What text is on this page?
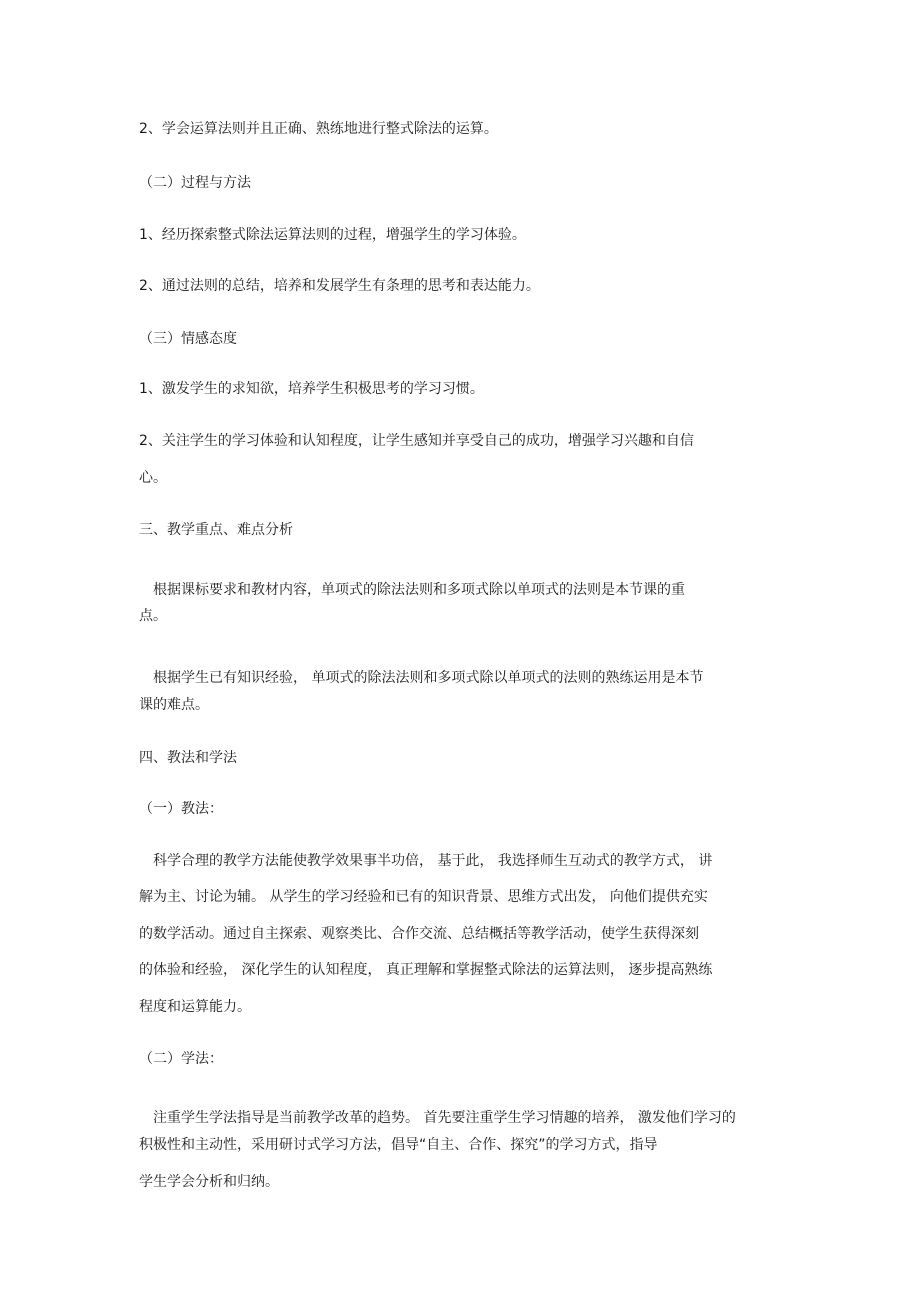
2、学会运算法则并且正确、熟练地进行整式除法的运算。

（二）过程与方法

1、经历探索整式除法运算法则的过程，增强学生的学习体验。

2、通过法则的总结，培养和发展学生有条理的思考和表达能力。

（三）情感态度

1、激发学生的求知欲，培养学生积极思考的学习习惯。

2、关注学生的学习体验和认知程度，让学生感知并享受自己的成功，增强学习兴趣和自信

心。

三、教学重点、难点分析

根据课标要求和教材内容，单项式的除法法则和多项式除以单项式的法则是本节课的重

点。

根据学生已有知识经验， 单项式的除法法则和多项式除以单项式的法则的熟练运用是本节

课的难点。

四、教法和学法

（一）教法：

科学合理的教学方法能使教学效果事半功倍， 基于此， 我选择师生互动式的教学方式， 讲

解为主、讨论为辅。 从学生的学习经验和已有的知识背景、思维方式出发， 向他们提供充实

的数学活动。通过自主探索、观察类比、合作交流、总结概括等教学活动，使学生获得深刻

的体验和经验， 深化学生的认知程度， 真正理解和掌握整式除法的运算法则， 逐步提高熟练

程度和运算能力。

（二）学法：

注重学生学法指导是当前教学改革的趋势。 首先要注重学生学习情趣的培养， 激发他们学习的

积极性和主动性，采用研讨式学习方法，倡导“自主、合作、探究”的学习方式，指导

学生学会分析和归纳。
